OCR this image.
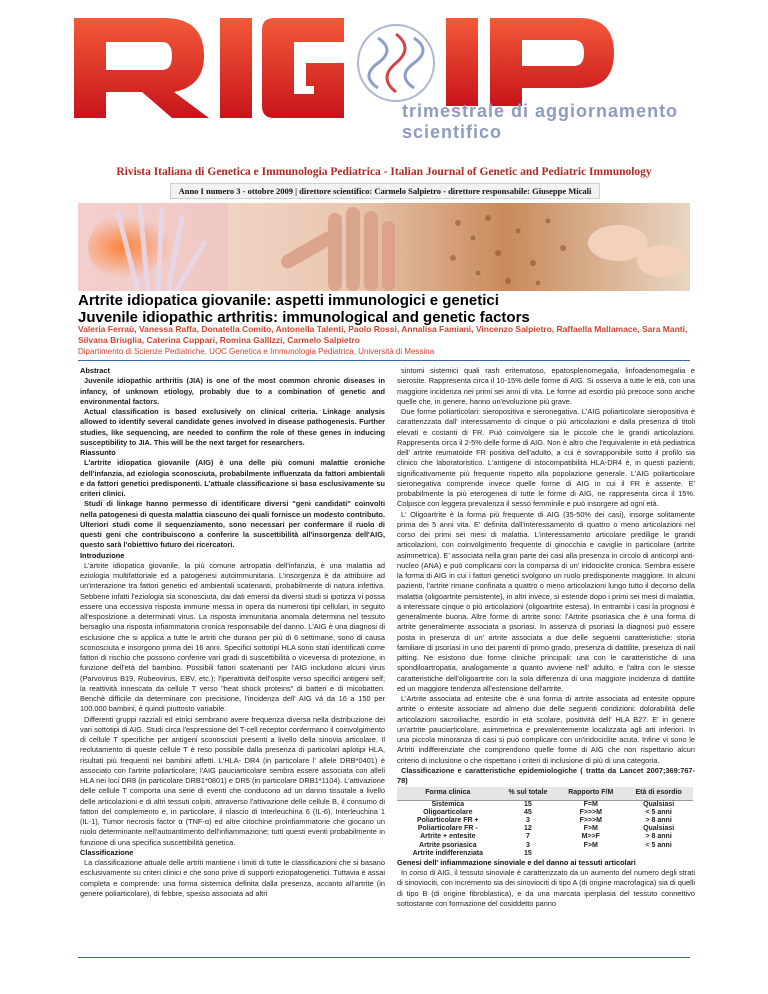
trimestrale di aggiornamento scientifico
Rivista Italiana di Genetica e Immunologia Pediatrica - Italian Journal of Genetic and Pediatric Immunology
Anno I numero 3 - ottobre 2009 | direttore scientifico: Carmelo Salpietro - direttore responsabile: Giuseppe Micali
Artrite idiopatica giovanile: aspetti immunologici e genetici
Juvenile idiopathic arthritis: immunological and genetic factors
Valeria Ferraù, Vanessa Raffa, Donatella Comito, Antonella Talenti, Paolo Rossi, Annalisa Famiani, Vincenzo Salpietro, Raffaella Mallamace, Sara Manti, Silvana Briuglia, Caterina Cuppari, Romina Gallizzi, Carmelo Salpietro
Dipartimento di Scienze Pediatriche, UOC Genetica e Immunologia Pediatrica, Università di Messina

Abstract

Juvenile idiopathic arthritis (JIA) is one of the most common chronic diseases in infancy, of unknown etiology, probably due to a combination of genetic and environmental factors.

Actual classification is based exclusively on clinical criteria. Linkage analysis allowed to identify several candidate genes involved in disease pathogenesis. Further studies, like sequencing, are needed to confirm the role of these genes in inducing susceptibility to JIA. This will be the next target for researchers.

Riassunto

L'artrite idiopatica giovanile (AIG) è una delle più comuni malattie croniche dell'infanzia, ad eziologia sconosciuta, probabilmente influenzata da fattori ambientali e da fattori genetici predisponenti. L'attuale classificazione si basa esclusivamente su criteri clinici.

Studi di linkage hanno permesso di identificare diversi "geni candidati" coinvolti nella patogenesi di questa malattia ciascuno dei quali fornisce un modesto contributo. Ulteriori studi come il sequenziamento, sono necessari per confermare il ruolo di questi geni che contribuiscono a conferire la suscettibilità all'insorgenza dell'AIG, questo sarà l'obiettivo futuro dei ricercatori.

Introduzione

L'artrite idiopatica giovanile, la più comune artropatia dell'infanzia, è una malattia ad eziologia multifattoriale ed a patogenesi autoimmunitaria. L'insorgenza è da attribuire ad un'interazione tra fattori genetici ed ambientali scatenanti, probabilmente di natura infettiva. Sebbene infatti l'eziologia sia sconosciuta, dai dati emersi da diversi studi si ipotizza vi possa essere una eccessiva risposta immune messa in opera da numerosi tipi cellulari, in seguito all'esposizione a determinati virus. La risposta immunitaria anomala determina nel tessuto bersaglio una risposta infiammatoria cronica responsabile del danno. L'AIG è una diagnosi di esclusione che si applica a tutte le artriti che durano per più di 6 settimane, sono di causa sconosciuta e insorgono prima dei 16 anni. Specifici sottotipi HLA sono stati identificati come fattori di rischio che possono conferire vari gradi di suscettibilità o viceversa di protezione, in funzione dell'età del bambino. Possibili fattori scatenanti per l'AIG includono alcuni virus (Parvovirus B19, Rubeovirus, EBV, etc.); l'iperattività dell'ospite verso specifici antigeni self; la reattività innescata da cellule T verso "heat shock proteins" di batteri e di micobatteri. Benchè difficile da determinare con precisione, l'incidenza dell' AIG vá da 16 a 150 per 100.000 bambini, è quindi piuttosto variabile.

Differenti gruppi razziali ed etnici sembrano avere frequenza diversa nella distribuzione dei vari sottotipi di AIG. Studi circa l'espressione del T-cell receptor confermano il coinvolgimento di cellule T specifiche per antigeni sconosciuti presenti a livello della sinovia articolare. Il reclutamento di queste cellule T è reso possibile dalla presenza di particolari aplotipi HLA, risultati più frequenti nei bambini affetti. L'HLA- DR4 (in particolare l' allele DRB*0401) è associato con l'artrite poliarticolare; l'AIG pauciarticolare sembra essere associata con alleli HLA nei loci DR8 (in particolare DRB1*0801) e DR5 (in particolare DRB1*1104). L'attivazione delle cellule T comporta una serie di eventi che conducono ad un danno tissutale a livello delle articolazioni e di altri tessuti colpiti, attraverso l'attivazione delle cellule B, il consumo di fattori del complemento e, in particolare, il rilascio di Interleuchina 6 (IL-6), Interleuchina 1 (IL-1), Tumor necrosis factor α (TNF-α) ed altre citochine proinfiammatorie che giocano un ruolo determinante nell'autoantimento dell'infiammazione; tutti questi eventi probabilmente in funzione di una specifica suscettibilità genetica.

Classificazione

La classificazione attuale delle artriti mantiene i limiti di tutte le classificazioni che si basano esclusivamente su criteri clinici e che sono prive di supporti eziopatogenetici. Tuttavia è assai completa e comprende: una forma sistemica definita dalla presenza, accanto all'artrite (in genere poliarticolare), di febbre, spesso associata ad altri

sintomi sistemici quali rash eritematoso, epatosplenomegalia, linfoadenomegalia e sierosite. Rappresenta circa il 10-15% delle forme di AIG. Si osserva a tutte le età, con una maggiore incidenza nei primi sei anni di vita. Le forme ad esordio più precoce sono anche quelle che, in genere, hanno un'evoluzione più grave.

Due forme poliarticolari: sieropositiva e sieronegativa. L'AIG poliarticolare sieropositiva è caratterizzata dall' interessamento di cinque o più articolazioni e dalla presenza di titoli elevati e costanti di FR. Può coinvolgere sia le piccole che le grandi articolazioni. Rappresenta circa il 2-5% delle forme di AIG. Non è altro che l'equivalente in età pediatrica dell' artrite reumatoide FR positiva dell'adulto, a cui è sovrapponibile sotto il profilo sia clinico che laboratoristico. L'antigene di istocompatibilità HLA-DR4 è, in questi pazienti, significativamente più frequente rispetto alla popolazione generale. L'AIG poliarticolare sieronegativa comprende invece quelle forme di AIG in cui il FR è assente. E' probabilmente la più eterogenea di tutte le forme di AIG, ne rappresenta circa il 15%. Colpisce con leggera prevalenza il sesso femminile e può insorgere ad ogni età.

L' Oligoartrite è la forma più frequente di AIG (35-50% dei casi), insorge solitamente prima dei 5 anni vita. E' definita dall'interessamento di quattro o meno articolazioni nel corso dei primi sei mesi di malattia. L'interessamento articolare predilige le grandi articolazioni, con coinvolgimento frequente di ginocchia e caviglie in particolare (artrite asimmetrica). E' associata nella gran parte dei casi alla presenza in circolo di anticorpi anti-nucleo (ANA) e può complicarsi con la comparsa di un' iridociclite cronica. Sembra essere la forma di AIG in cui i fattori genetici svolgono un ruolo predisponente maggiore. In alcuni pazienti, l'artrite rimane confinata a quattro o meno articolazioni lungo tutto il decorso della malattia (oligoartrite persistente), in altri invece, si estende dopo i primi sei mesi di malattia, a interessare cinque o più articolazioni (oligoartrite estesa). In entrambi i casi la prognosi è generalmente buona. Altre forme di artrite sono: l'Artrite psoriasica che è una forma di artrite generalmente associata a psoriasi. In assenza di psoriasi la diagnosi può essere posta in presenza di un' artrite associata a due delle seguenti caratteristiche: storia familiare di psoriasi in uno dei parenti di primo grado, presenza di dattilite, presenza di nail pitting. Ne esistono due forme cliniche principali: una con le caratteristiche di una spondiloartropatia, analogamente a quanto avviene nell' adulto, e l'altra con le stesse caratteristiche dell'oligoartrite con la sola differenza di una maggiore incidenza di dattilite ed un maggiore tendenza all'estensione dell'artrite.

L'Artrite associata ad entesite che è una forma di artrite associata ad entesite oppure artrite o entesite associate ad almeno due delle seguenti condizioni: dolorabilità delle articolazioni sacroiliache, esordio in età scolare, positività dell' HLA B27. E' in genere un'artrite pauciarticolare, asimmetrica e prevalentemente localizzata agli arti inferiori. In una piccola minoranza di casi si può complicare con un'iridociclite acuta. Infine vi sono le Artriti indifferenziate che comprendono quelle forme di AIG che non rispettano alcun criterio di inclusione o che rispettano i criteri di inclusione di più di una categoria.

Classificazione e caratteristiche epidemiologiche ( tratta da Lancet 2007;369:767-78)

Forma clinica	% sul totale	Rapporto F/M	Età di esordio
Sistemica	15	F=M	Qualsiasi
Oligoarticolare	45	F>>>M	< 5 anni
Poliarticolare FR +	3	F>>>M	> 8 anni
Poliarticolare FR -	12	F>M	Qualsiasi
Artrite + entesite	7	M>>F	> 8 anni
Artrite psoriasica	3	F>M	< 5 anni
Artrite indifferenziata	15		

Genesi dell' infiammazione sinoviale e del danno ai tessuti articolari

In corso di AIG, il tessuto sinoviale è caratterizzato da un aumento del numero degli strati di sinoviociti, con incremento sia dei sinoviociti di tipo A (di origine macrofagica) sia di quelli di tipo B (di origine fibroblastica), e da una marcata iperplasia del tessuto connettivo sottostante con formazione del cosiddetto panno
